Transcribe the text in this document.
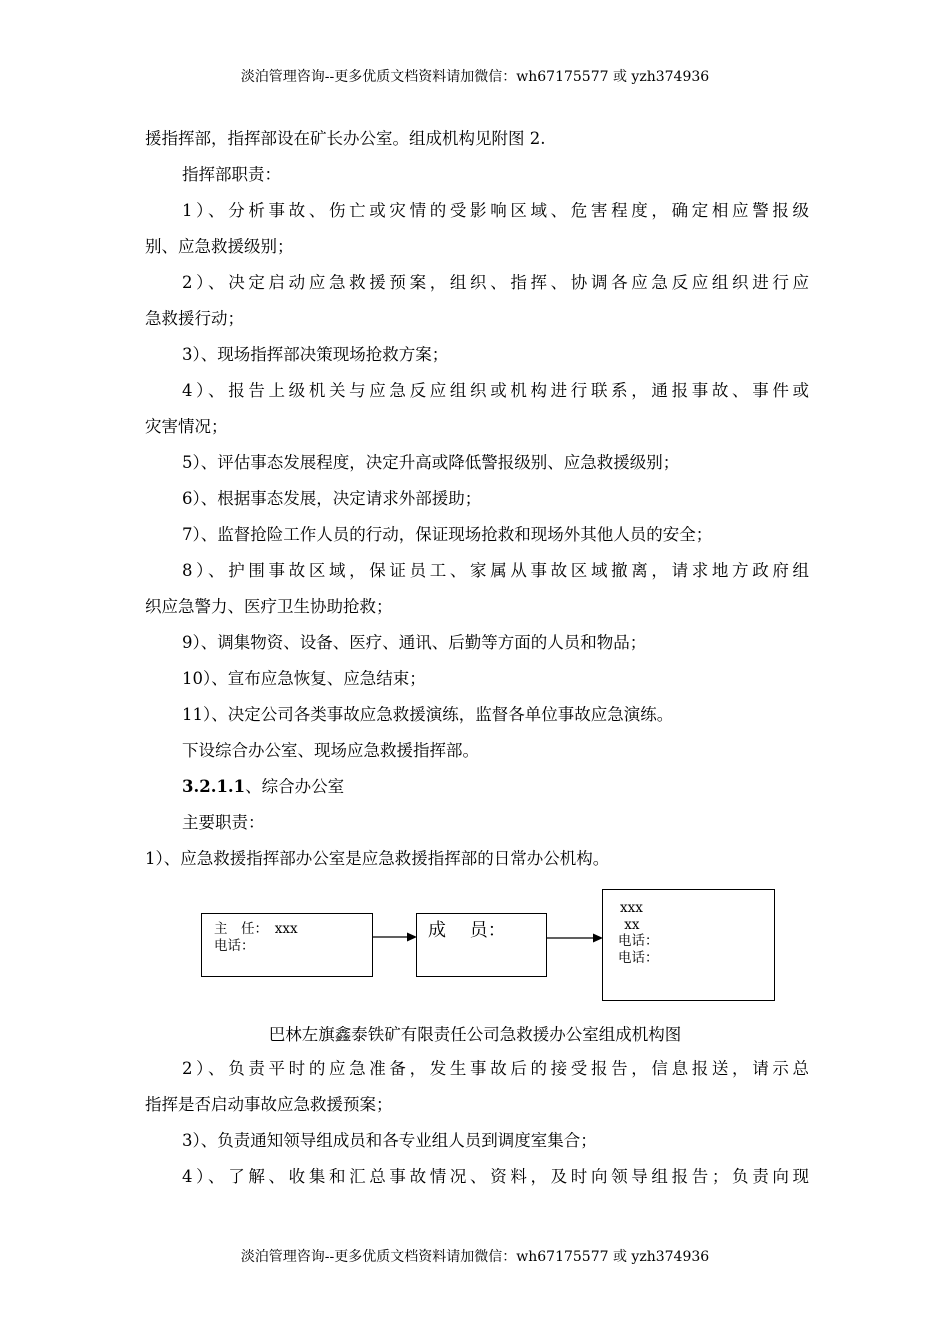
淡泊管理咨询--更多优质文档资料请加微信：wh67175577 或 yzh374936
援指挥部，指挥部设在矿长办公室。组成机构见附图 2.
指挥部职责：
1）、分析事故、伤亡或灾情的受影响区域、危害程度，确定相应警报级
别、应急救援级别；
2）、决定启动应急救援预案，组织、指挥、协调各应急反应组织进行应
急救援行动；
3）、现场指挥部决策现场抢救方案；
4）、报告上级机关与应急反应组织或机构进行联系，通报事故、事件或
灾害情况；
5）、评估事态发展程度，决定升高或降低警报级别、应急救援级别；
6）、根据事态发展，决定请求外部援助；
7）、监督抢险工作人员的行动，保证现场抢救和现场外其他人员的安全；
8）、护围事故区域，保证员工、家属从事故区域撤离，请求地方政府组
织应急警力、医疗卫生协助抢救；
9）、调集物资、设备、医疗、通讯、后勤等方面的人员和物品；
10）、宣布应急恢复、应急结束；
11）、决定公司各类事故应急救援演练，监督各单位事故应急演练。
下设综合办公室、现场应急救援指挥部。
3.2.1.1、综合办公室
主要职责：
1）、应急救援指挥部办公室是应急救援指挥部的日常办公机构。
2）、负责平时的应急准备，发生事故后的接受报告，信息报送，请示总
指挥是否启动事故应急救援预案；
3）、负责通知领导组成员和各专业组人员到调度室集合；
4）、了解、收集和汇总事故情况、资料，及时向领导组报告；负责向现
主　任：　xxx
电话：
成　 员：
xxx
xx
电话：
电话：
巴林左旗鑫泰铁矿有限责任公司急救援办公室组成机构图
淡泊管理咨询--更多优质文档资料请加微信：wh67175577 或 yzh374936
